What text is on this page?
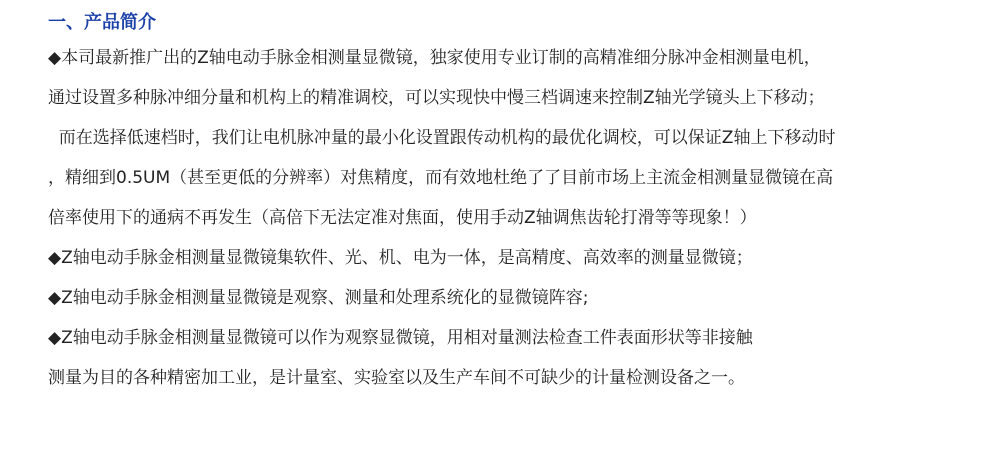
一、产品简介
◆本司最新推广出的Z轴电动手脉金相测量显微镜，独家使用专业订制的高精准细分脉冲金相测量电机，
通过设置多种脉冲细分量和机构上的精准调校，可以实现快中慢三档调速来控制Z轴光学镜头上下移动；
而在选择低速档时，我们让电机脉冲量的最小化设置跟传动机构的最优化调校，可以保证Z轴上下移动时
，精细到0.5UM（甚至更低的分辨率）对焦精度，而有效地杜绝了了目前市场上主流金相测量显微镜在高
倍率使用下的通病不再发生（高倍下无法定准对焦面，使用手动Z轴调焦齿轮打滑等等现象！）
◆Z轴电动手脉金相测量显微镜集软件、光、机、电为一体，是高精度、高效率的测量显微镜；
◆Z轴电动手脉金相测量显微镜是观察、测量和处理系统化的显微镜阵容;
◆Z轴电动手脉金相测量显微镜可以作为观察显微镜，用相对量测法检查工件表面形状等非接触
测量为目的各种精密加工业，是计量室、实验室以及生产车间不可缺少的计量检测设备之一。
